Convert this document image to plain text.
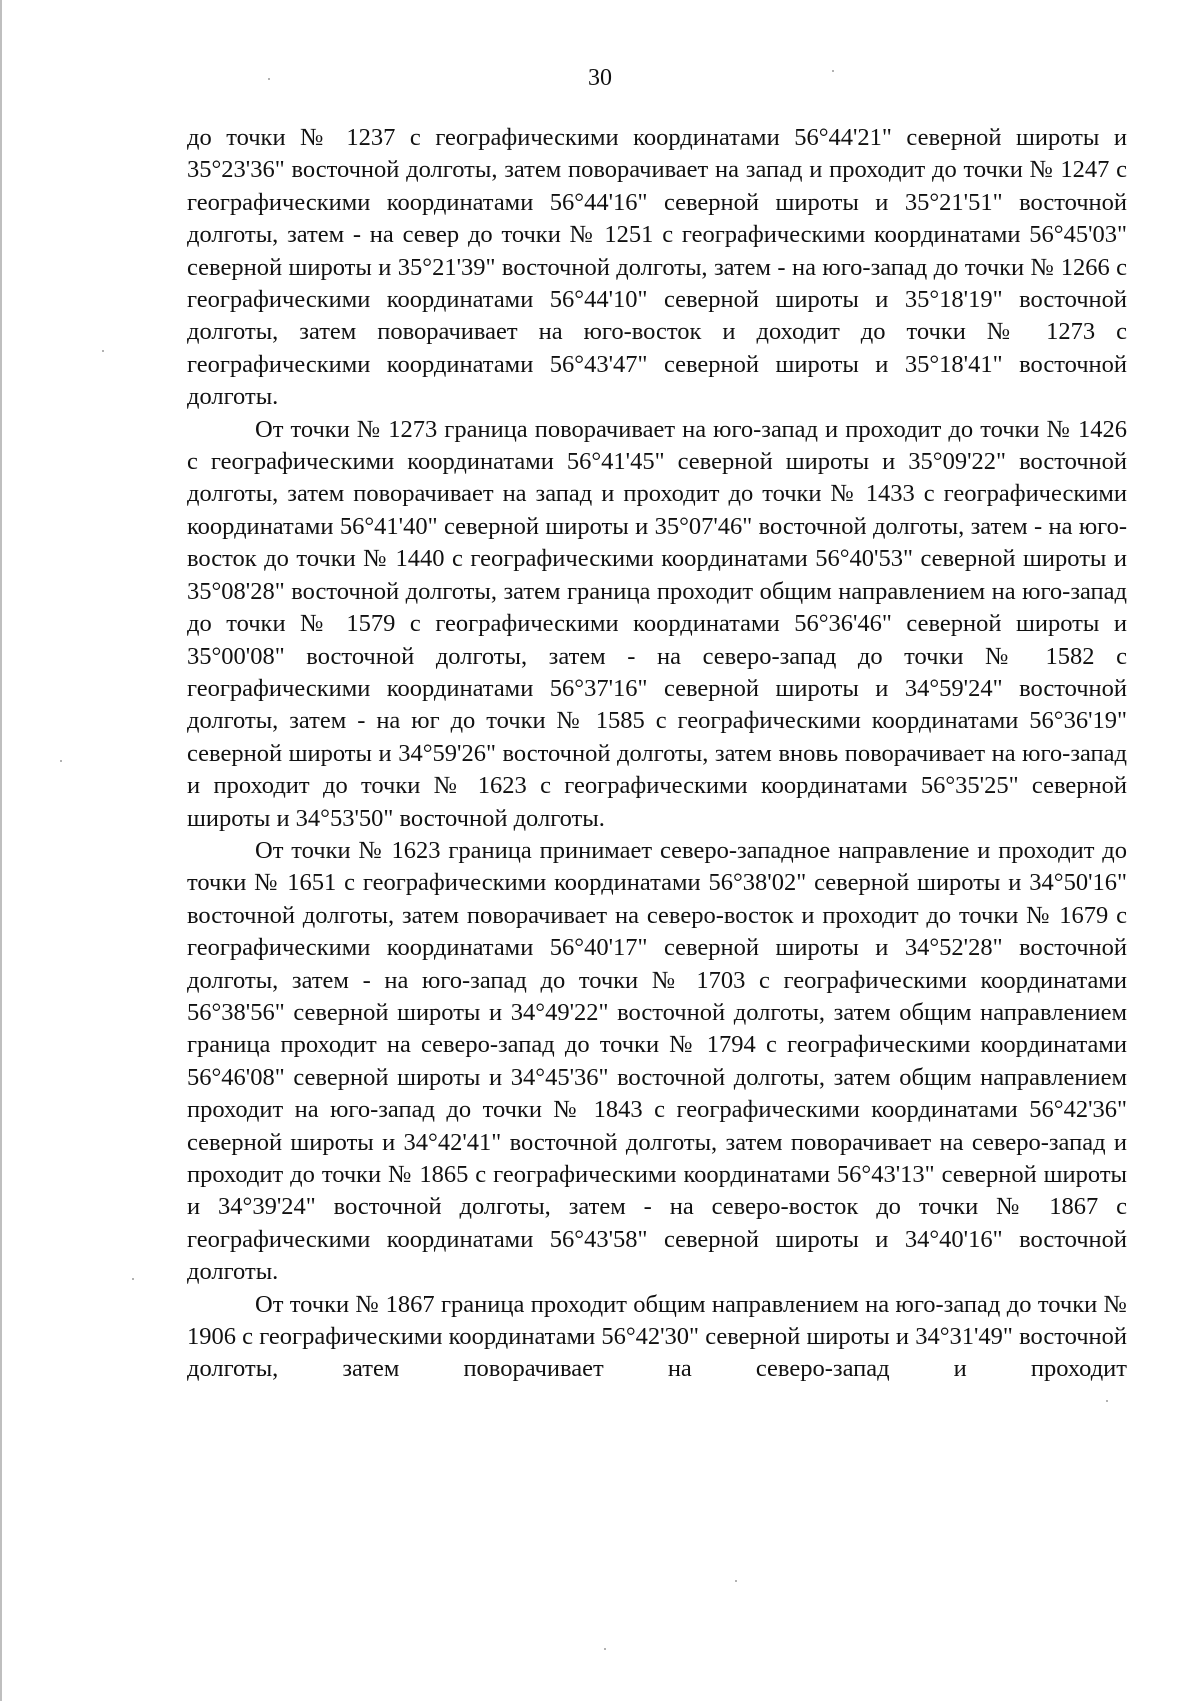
30

до точки № 1237 с географическими координатами 56°44'21" северной широты и 35°23'36" восточной долготы, затем поворачивает на запад и проходит до точки № 1247 с географическими координатами 56°44'16" северной широты и 35°21'51" восточной долготы, затем - на север до точки № 1251 с географическими координатами 56°45'03" северной широты и 35°21'39" восточной долготы, затем - на юго-запад до точки № 1266 с географическими координатами 56°44'10" северной широты и 35°18'19" восточной долготы, затем поворачивает на юго-восток и доходит до точки № 1273 с географическими координатами 56°43'47" северной широты и 35°18'41" восточной долготы.

От точки № 1273 граница поворачивает на юго-запад и проходит до точки № 1426 с географическими координатами 56°41'45" северной широты и 35°09'22" восточной долготы, затем поворачивает на запад и проходит до точки № 1433 с географическими координатами 56°41'40" северной широты и 35°07'46" восточной долготы, затем - на юго-восток до точки № 1440 с географическими координатами 56°40'53" северной широты и 35°08'28" восточной долготы, затем граница проходит общим направлением на юго-запад до точки № 1579 с географическими координатами 56°36'46" северной широты и 35°00'08" восточной долготы, затем - на северо-запад до точки № 1582 с географическими координатами 56°37'16" северной широты и 34°59'24" восточной долготы, затем - на юг до точки № 1585 с географическими координатами 56°36'19" северной широты и 34°59'26" восточной долготы, затем вновь поворачивает на юго-запад и проходит до точки № 1623 с географическими координатами 56°35'25" северной широты и 34°53'50" восточной долготы.

От точки № 1623 граница принимает северо-западное направление и проходит до точки № 1651 с географическими координатами 56°38'02" северной широты и 34°50'16" восточной долготы, затем поворачивает на северо-восток и проходит до точки № 1679 с географическими координатами 56°40'17" северной широты и 34°52'28" восточной долготы, затем - на юго-запад до точки № 1703 с географическими координатами 56°38'56" северной широты и 34°49'22" восточной долготы, затем общим направлением граница проходит на северо-запад до точки № 1794 с географическими координатами 56°46'08" северной широты и 34°45'36" восточной долготы, затем общим направлением проходит на юго-запад до точки № 1843 с географическими координатами 56°42'36" северной широты и 34°42'41" восточной долготы, затем поворачивает на северо-запад и проходит до точки № 1865 с географическими координатами 56°43'13" северной широты и 34°39'24" восточной долготы, затем - на северо-восток до точки № 1867 с географическими координатами 56°43'58" северной широты и 34°40'16" восточной долготы.

От точки № 1867 граница проходит общим направлением на юго-запад до точки № 1906 с географическими координатами 56°42'30" северной широты и 34°31'49" восточной долготы, затем поворачивает на северо-запад и проходит
